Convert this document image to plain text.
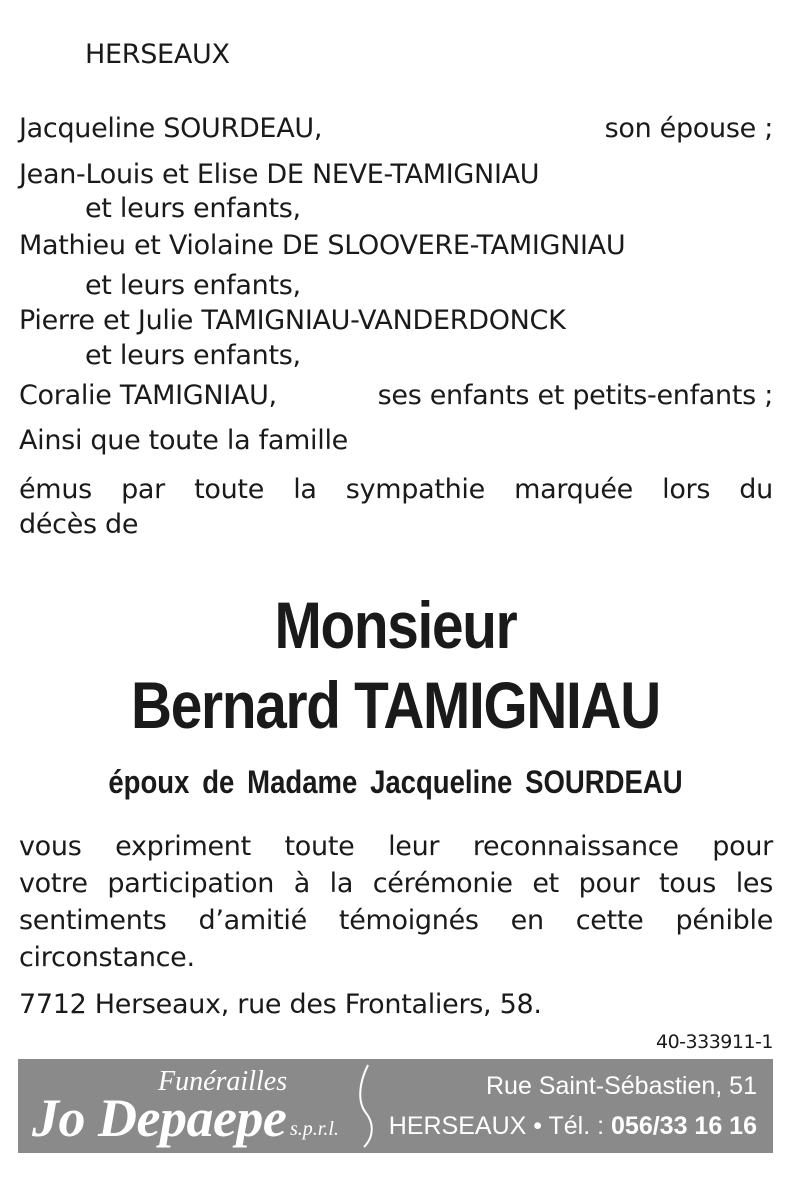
HERSEAUX
Jacqueline SOURDEAU,	son épouse ;
Jean-Louis et Elise DE NEVE-TAMIGNIAU
et leurs enfants,
Mathieu et Violaine DE SLOOVERE-TAMIGNIAU
et leurs enfants,
Pierre et Julie TAMIGNIAU-VANDERDONCK
et leurs enfants,
Coralie TAMIGNIAU,	ses enfants et petits-enfants ;
Ainsi que toute la famille
émus par toute la sympathie marquée lors du
décès de
Monsieur
Bernard TAMIGNIAU
époux de Madame Jacqueline SOURDEAU
vous expriment toute leur reconnaissance pour
votre participation à la cérémonie et pour tous les
sentiments d’amitié témoignés en cette pénible
circonstance.
7712 Herseaux, rue des Frontaliers, 58.
40-333911-1
Funérailles
Jo Depaepe s.p.r.l.
Rue Saint-Sébastien, 51
HERSEAUX • Tél. : 056/33 16 16
